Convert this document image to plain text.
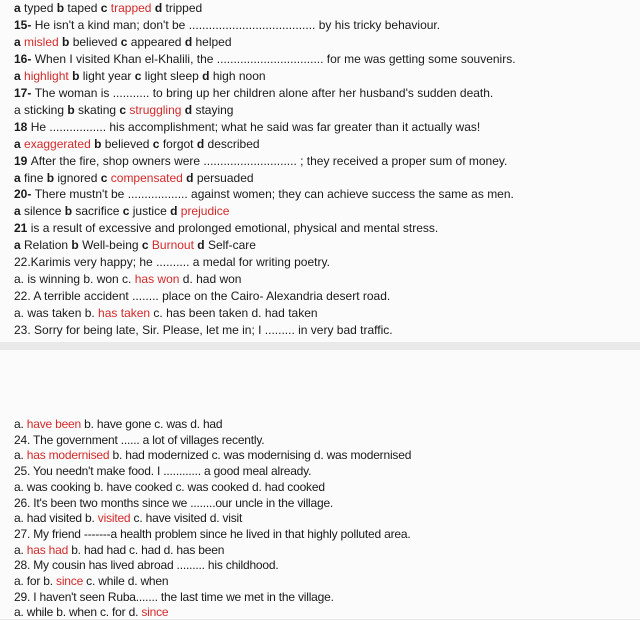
a typed b taped c trapped d tripped
15- He isn't a kind man; don't be ...................................... by his tricky behaviour.
a misled b believed c appeared d helped
16- When I visited Khan el-Khalili, the ................................ for me was getting some souvenirs.
a highlight b light year c light sleep d high noon
17- The woman is ........... to bring up her children alone after her husband's sudden death.
a sticking b skating c struggling d staying
18 He ................. his accomplishment; what he said was far greater than it actually was!
a exaggerated b believed c forgot d described
19 After the fire, shop owners were ............................ ; they received a proper sum of money.
a fine b ignored c compensated d persuaded
20- There mustn't be .................. against women; they can achieve success the same as men.
a silence b sacrifice c justice d prejudice
21 is a result of excessive and prolonged emotional, physical and mental stress.
a Relation b Well-being c Burnout d Self-care
22.Karimis very happy; he .......... a medal for writing poetry.
a. is winning b. won c. has won d. had won
22. A terrible accident ........ place on the Cairo- Alexandria desert road.
a. was taken b. has taken c. has been taken d. had taken
23. Sorry for being late, Sir. Please, let me in; I ......... in very bad traffic.
a. have been b. have gone c. was d. had
24. The government ...... a lot of villages recently.
a. has modernised b. had modernized c. was modernising d. was modernised
25. You needn't make food. I ............ a good meal already.
a. was cooking b. have cooked c. was cooked d. had cooked
26. It's been two months since we ........our uncle in the village.
a. had visited b. visited c. have visited d. visit
27. My friend -------a health problem since he lived in that highly polluted area.
a. has had b. had had c. had d. has been
28. My cousin has lived abroad ......... his childhood.
a. for b. since c. while d. when
29. I haven't seen Ruba....... the last time we met in the village.
a. while b. when c. for d. since
